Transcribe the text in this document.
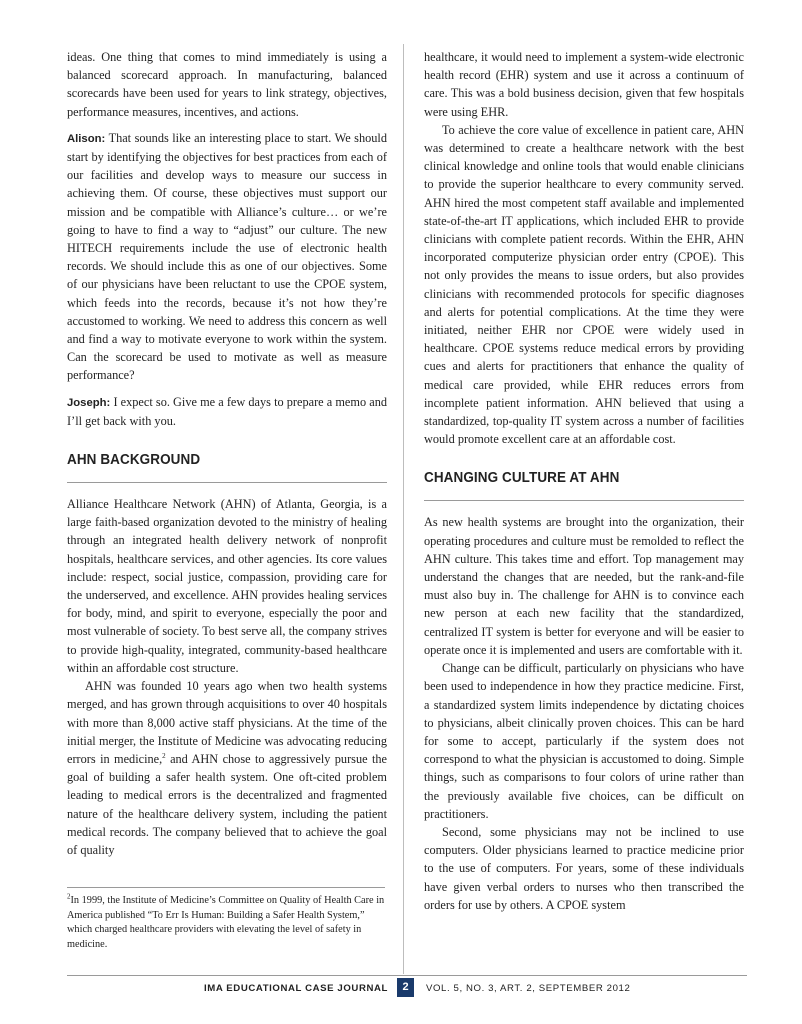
ideas. One thing that comes to mind immediately is using a balanced scorecard approach. In manufacturing, balanced scorecards have been used for years to link strategy, objectives, performance measures, incentives, and actions.

Alison: That sounds like an interesting place to start. We should start by identifying the objectives for best practices from each of our facilities and develop ways to measure our success in achieving them. Of course, these objectives must support our mission and be compatible with Alliance’s culture… or we’re going to have to find a way to “adjust” our culture. The new HITECH requirements include the use of electronic health records. We should include this as one of our objectives. Some of our physicians have been reluctant to use the CPOE system, which feeds into the records, because it’s not how they’re accustomed to working. We need to address this concern as well and find a way to motivate everyone to work within the system. Can the scorecard be used to motivate as well as measure performance?

Joseph: I expect so. Give me a few days to prepare a memo and I’ll get back with you.

AHN BACKGROUND

Alliance Healthcare Network (AHN) of Atlanta, Georgia, is a large faith-based organization devoted to the ministry of healing through an integrated health delivery network of nonprofit hospitals, healthcare services, and other agencies. Its core values include: respect, social justice, compassion, providing care for the underserved, and excellence. AHN provides healing services for body, mind, and spirit to everyone, especially the poor and most vulnerable of society. To best serve all, the company strives to provide high-quality, integrated, community-based healthcare within an affordable cost structure.

AHN was founded 10 years ago when two health systems merged, and has grown through acquisitions to over 40 hospitals with more than 8,000 active staff physicians. At the time of the initial merger, the Institute of Medicine was advocating reducing errors in medicine,$^2$ and AHN chose to aggressively pursue the goal of building a safer health system. One oft-cited problem leading to medical errors is the decentralized and fragmented nature of the healthcare delivery system, including the patient medical records. The company believed that to achieve the goal of quality

$^2$In 1999, the Institute of Medicine’s Committee on Quality of Health Care in America published “To Err Is Human: Building a Safer Health System,” which charged healthcare providers with elevating the level of safety in medicine.

healthcare, it would need to implement a system-wide electronic health record (EHR) system and use it across a continuum of care. This was a bold business decision, given that few hospitals were using EHR.

To achieve the core value of excellence in patient care, AHN was determined to create a healthcare network with the best clinical knowledge and online tools that would enable clinicians to provide the superior healthcare to every community served. AHN hired the most competent staff available and implemented state-of-the-art IT applications, which included EHR to provide clinicians with complete patient records. Within the EHR, AHN incorporated computerize physician order entry (CPOE). This not only provides the means to issue orders, but also provides clinicians with recommended protocols for specific diagnoses and alerts for potential complications. At the time they were initiated, neither EHR nor CPOE were widely used in healthcare. CPOE systems reduce medical errors by providing cues and alerts for practitioners that enhance the quality of medical care provided, while EHR reduces errors from incomplete patient information. AHN believed that using a standardized, top-quality IT system across a number of facilities would promote excellent care at an affordable cost.

CHANGING CULTURE AT AHN

As new health systems are brought into the organization, their operating procedures and culture must be remolded to reflect the AHN culture. This takes time and effort. Top management may understand the changes that are needed, but the rank-and-file must also buy in. The challenge for AHN is to convince each new person at each new facility that the standardized, centralized IT system is better for everyone and will be easier to operate once it is implemented and users are comfortable with it.

Change can be difficult, particularly on physicians who have been used to independence in how they practice medicine. First, a standardized system limits independence by dictating choices to physicians, albeit clinically proven choices. This can be hard for some to accept, particularly if the system does not correspond to what the physician is accustomed to doing. Simple things, such as comparisons to four colors of urine rather than the previously available five choices, can be difficult on practitioners.

Second, some physicians may not be inclined to use computers. Older physicians learned to practice medicine prior to the use of computers. For years, some of these individuals have given verbal orders to nurses who then transcribed the orders for use by others. A CPOE system

IMA EDUCATIONAL CASE JOURNAL	2	VOL. 5, NO. 3, ART. 2, SEPTEMBER 2012
